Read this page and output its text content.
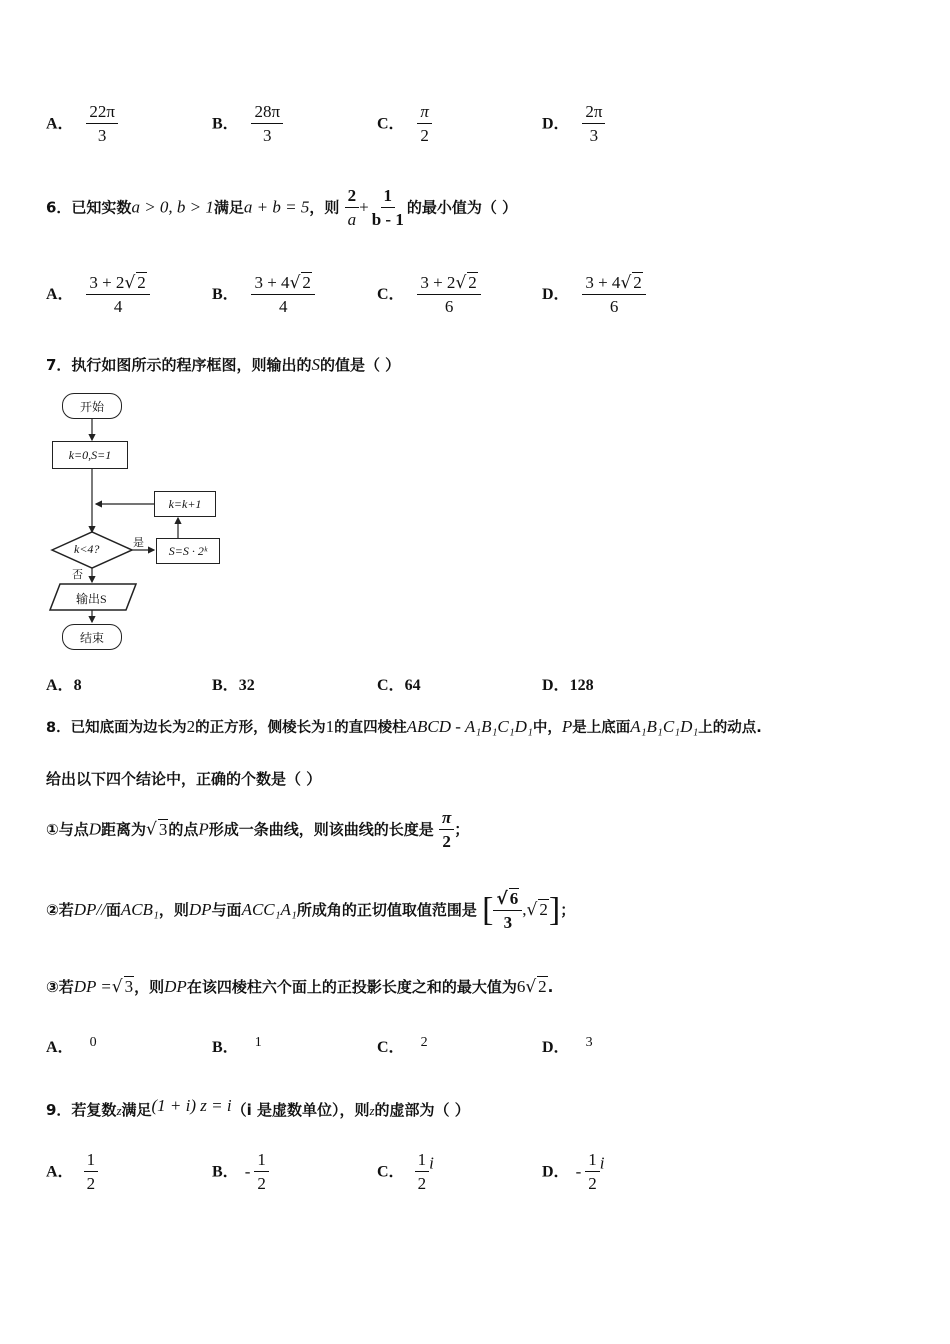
A． $\frac{22\pi}{3}$	B． $\frac{28\pi}{3}$	C． $\frac{\pi}{2}$	D． $\frac{2\pi}{3}$
6．已知实数a > 0, b > 1满足a + b = 5，则 $\frac{2}{a} + \frac{1}{b - 1}$ 的最小值为（ ）
A． $\frac{3 + 2√ 2}{4}$	B． $\frac{3 + 4√ 2}{4}$	C． $\frac{3 + 2√ 2}{6}$	D． $\frac{3 + 4√ 2}{6}$
7．执行如图所示的程序框图，则输出的S的值是（ ）
开始
k=0,S=1
k=k+1
k<4?	是
S=S · 2ᵏ
否
输出S
结束
A．8	B．32	C．64	D．128
8．已知底面为边长为2的正方形，侧棱长为1的直四棱柱ABCD - A₁B₁C₁D₁中，P是上底面A₁B₁C₁D₁上的动点.
给出以下四个结论中，正确的个数是（ ）
①与点D距离为√ 3的点P形成一条曲线，则该曲线的长度是 $\frac{\pi}{2}$ ；
②若DP//面ACB₁，则DP与面ACC₁A₁所成角的正切值取值范围是 [ $\frac{√ 6}{3}$ ,√ 2]；
③若DP =√ 3，则DP在该四棱柱六个面上的正投影长度之和的最大值为6√ 2.
A． 0	B． 1	C． 2	D． 3
9．若复数z满足(1 + i) z = i（i 是虚数单位），则z的虚部为（ ）
A． $\frac{1}{2}$	B． - $\frac{1}{2}$	C． $\frac{1}{2}$ i	D． - $\frac{1}{2}$ i
